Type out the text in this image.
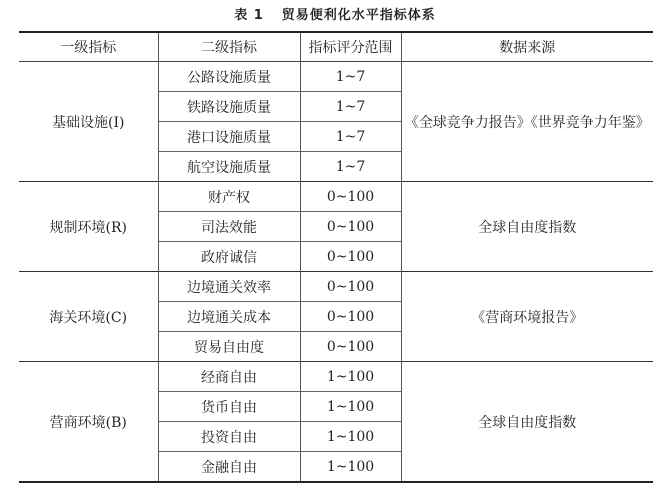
表 1 贸易便利化水平指标体系
一级指标	二级指标	指标评分范围	数据来源
基础设施(I)	公路设施质量	1~7	《全球竞争力报告》《世界竞争力年鉴》
	铁路设施质量	1~7	
	港口设施质量	1~7	
	航空设施质量	1~7	
规制环境(R)	财产权	0~100	全球自由度指数
	司法效能	0~100	
	政府诚信	0~100	
海关环境(C)	边境通关效率	0~100	《营商环境报告》
	边境通关成本	0~100	
	贸易自由度	0~100	
营商环境(B)	经商自由	1~100	全球自由度指数
	货币自由	1~100	
	投资自由	1~100	
	金融自由	1~100	
